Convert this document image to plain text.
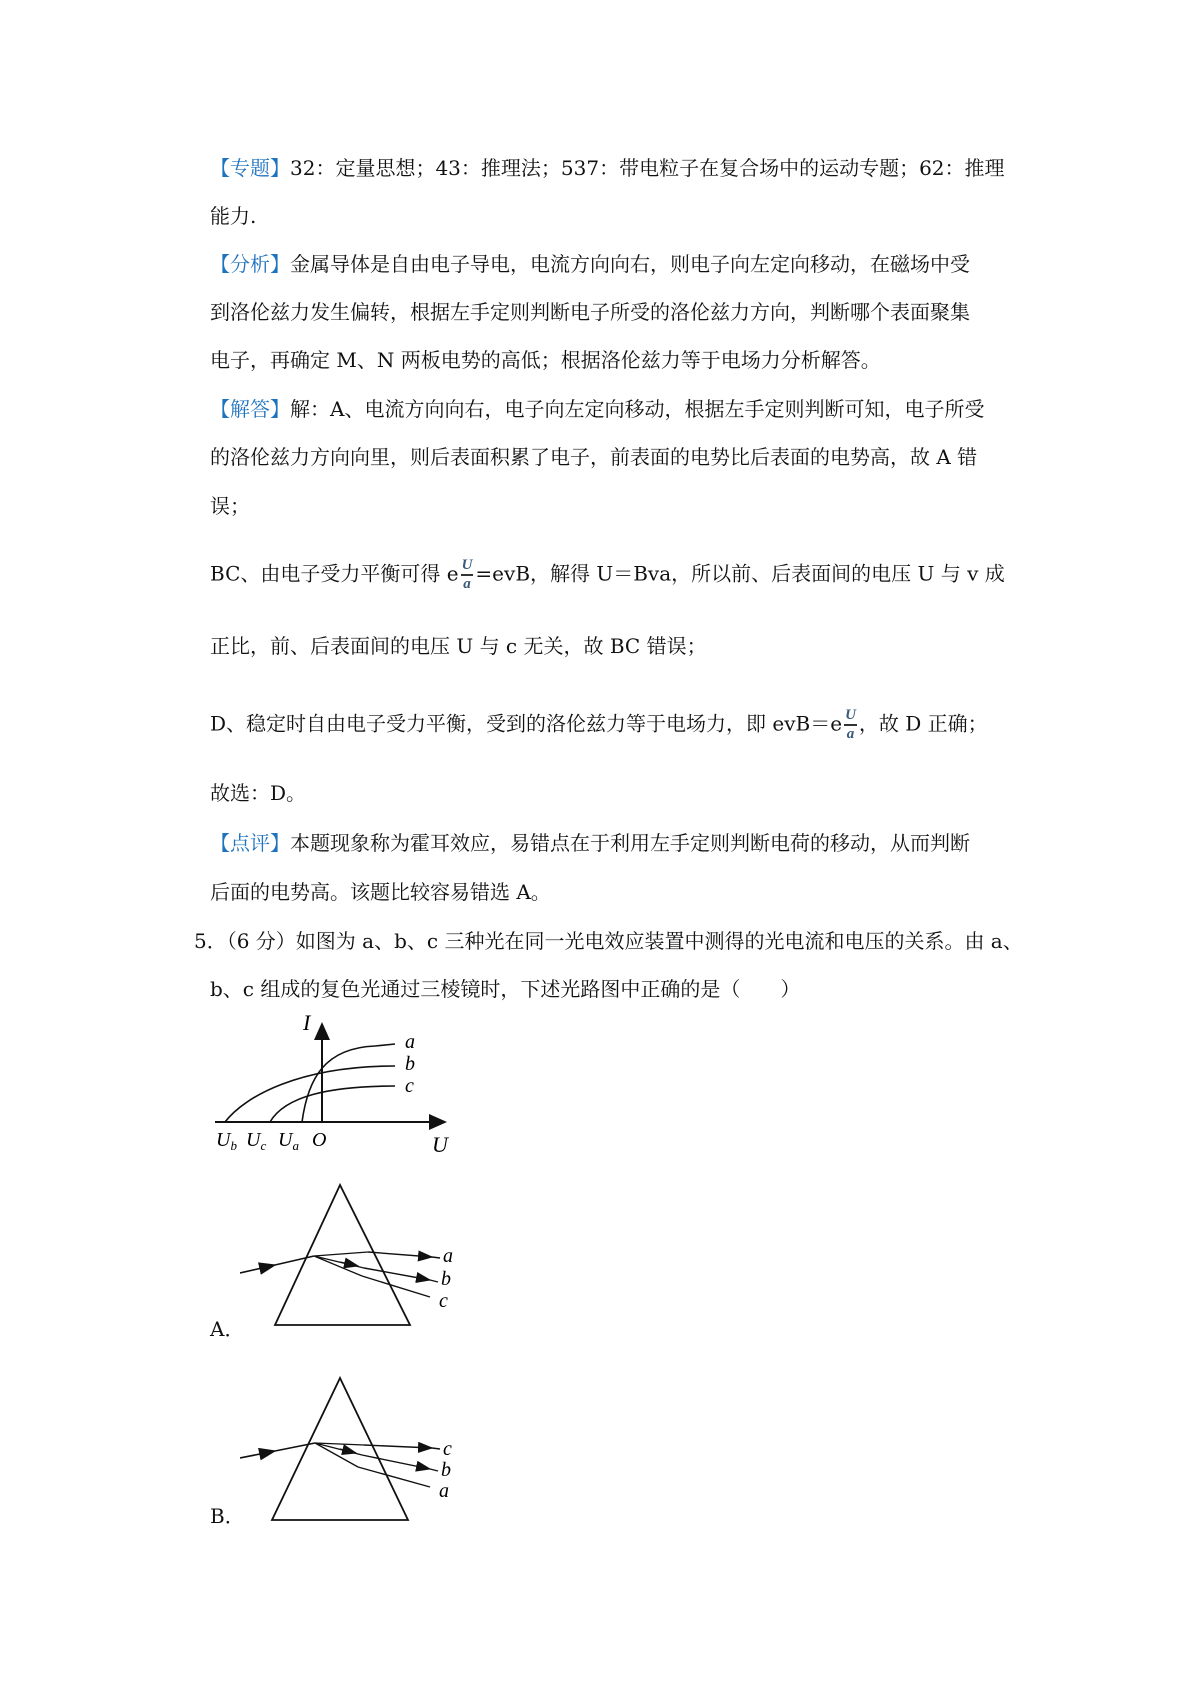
【专题】32：定量思想；43：推理法；537：带电粒子在复合场中的运动专题；62：推理
能力.
【分析】金属导体是自由电子导电，电流方向向右，则电子向左定向移动，在磁场中受
到洛伦兹力发生偏转，根据左手定则判断电子所受的洛伦兹力方向，判断哪个表面聚集
电子，再确定 M、N 两板电势的高低；根据洛伦兹力等于电场力分析解答。
【解答】解：A、电流方向向右，电子向左定向移动，根据左手定则判断可知，电子所受
的洛伦兹力方向向里，则后表面积累了电子，前表面的电势比后表面的电势高，故 A 错
误；
BC、由电子受力平衡可得 e $\frac{U}{a} =evB$，解得 U＝Bva，所以前、后表面间的电压 U 与 v 成
正比，前、后表面间的电压 U 与 c 无关，故 BC 错误；
D、稳定时自由电子受力平衡，受到的洛伦兹力等于电场力，即 $evB=e \frac{U}{a}$ ，故 D 正确；
故选：D。
【点评】本题现象称为霍耳效应，易错点在于利用左手定则判断电荷的移动，从而判断
后面的电势高。该题比较容易错选 A。
5．（6 分）如图为 a、b、c 三种光在同一光电效应装置中测得的光电流和电压的关系。由 a、
b、c 组成的复色光通过三棱镜时，下述光路图中正确的是（　　）
I
U
O
a
b
c
$U_b$ $U_c$ $U_a$
a
b
c
A．
c
b
a
B．
